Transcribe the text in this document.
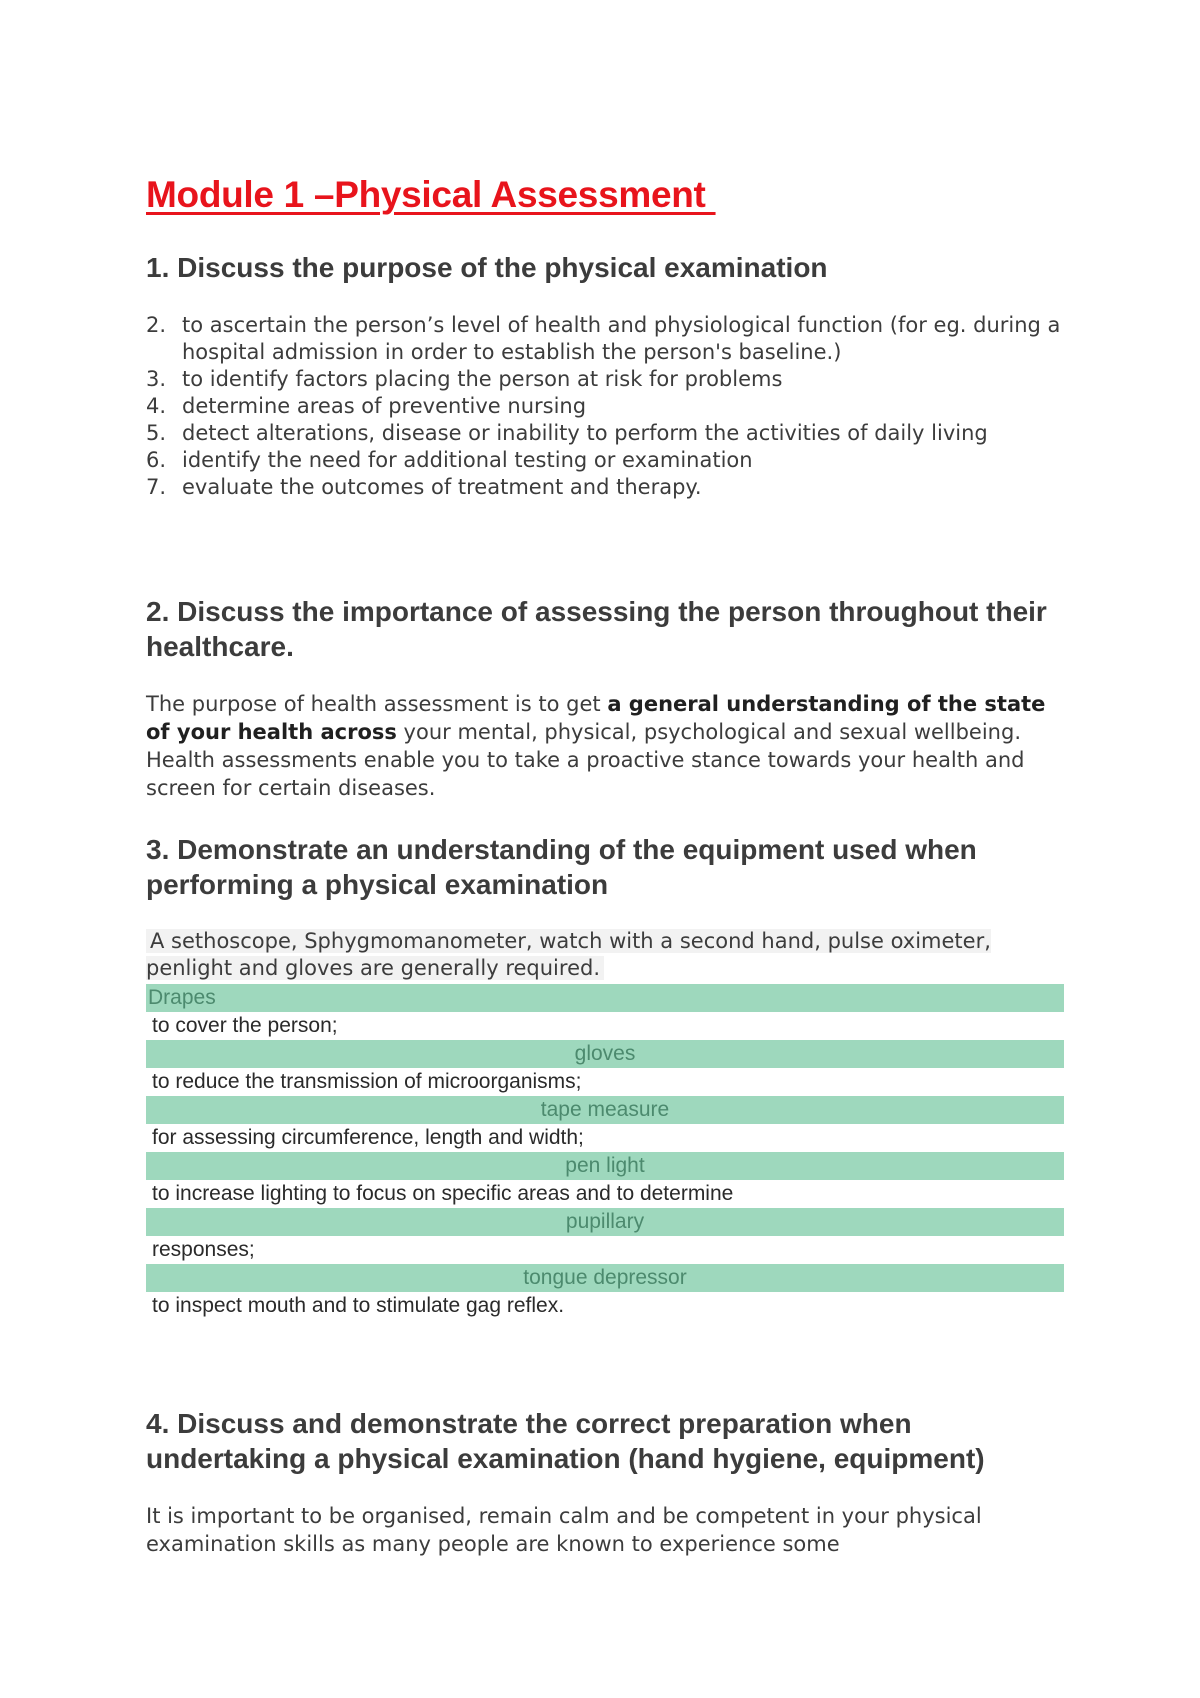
Module 1 –Physical Assessment
1. Discuss the purpose of the physical examination
2. to ascertain the person’s level of health and physiological function (for eg. during a hospital admission in order to establish the person's baseline.)
3. to identify factors placing the person at risk for problems
4. determine areas of preventive nursing
5. detect alterations, disease or inability to perform the activities of daily living
6. identify the need for additional testing or examination
7. evaluate the outcomes of treatment and therapy.
2. Discuss the importance of assessing the person throughout their healthcare.
The purpose of health assessment is to get a general understanding of the state of your health across your mental, physical, psychological and sexual wellbeing. Health assessments enable you to take a proactive stance towards your health and screen for certain diseases.
3. Demonstrate an understanding of the equipment used when performing a physical examination
A sethoscope, Sphygmomanometer, watch with a second hand, pulse oximeter, penlight and gloves are generally required.
Drapes
to cover the person;
gloves
to reduce the transmission of microorganisms;
tape measure
for assessing circumference, length and width;
pen light
to increase lighting to focus on specific areas and to determine
pupillary
responses;
tongue depressor
to inspect mouth and to stimulate gag reflex.
4. Discuss and demonstrate the correct preparation when undertaking a physical examination (hand hygiene, equipment)
It is important to be organised, remain calm and be competent in your physical examination skills as many people are known to experience some
